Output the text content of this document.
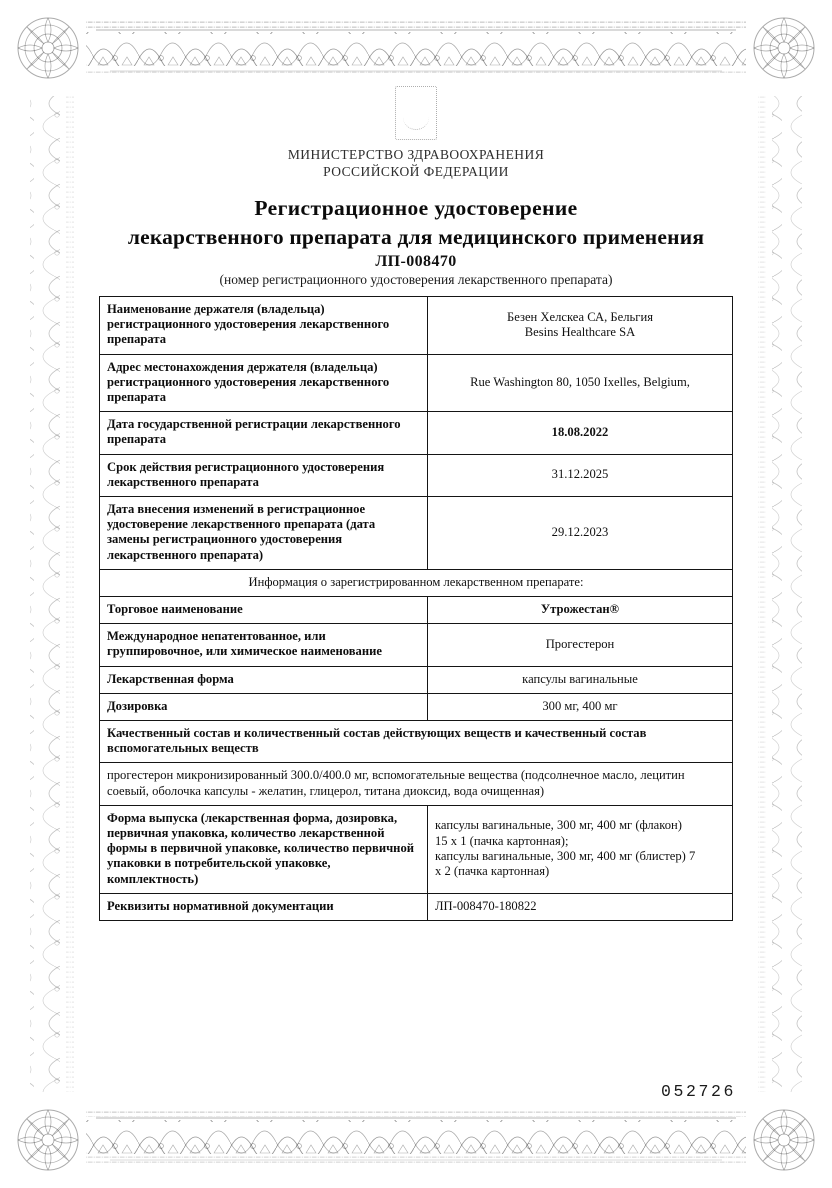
МИНИСТЕРСТВО ЗДРАВООХРАНЕНИЯ
РОССИЙСКОЙ ФЕДЕРАЦИИ
Регистрационное удостоверение
лекарственного препарата для медицинского применения
ЛП-008470
(номер регистрационного удостоверения лекарственного препарата)
Наименование держателя (владельца) регистрационного удостоверения лекарственного препарата	Безен Хелскеа СА, Бельгия
Besins Healthcare SA
Адрес местонахождения держателя (владельца) регистрационного удостоверения лекарственного препарата	Rue Washington 80, 1050 Ixelles, Belgium,
Дата государственной регистрации лекарственного препарата	18.08.2022
Срок действия регистрационного удостоверения лекарственного препарата	31.12.2025
Дата внесения изменений в регистрационное удостоверение лекарственного препарата (дата замены регистрационного удостоверения лекарственного препарата)	29.12.2023
Информация о зарегистрированном лекарственном препарате:	
Торговое наименование	Утрожестан®
Международное непатентованное, или группировочное, или химическое наименование	Прогестерон
Лекарственная форма	капсулы вагинальные
Дозировка	300 мг, 400 мг
Качественный состав и количественный состав действующих веществ и качественный состав вспомогательных веществ	
прогестерон микронизированный 300.0/400.0 мг, вспомогательные вещества (подсолнечное масло, лецитин соевый, оболочка капсулы - желатин, глицерол, титана диоксид, вода очищенная)	
Форма выпуска (лекарственная форма, дозировка, первичная упаковка, количество лекарственной формы в первичной упаковке, количество первичной упаковки в потребительской упаковке, комплектность)	капсулы вагинальные, 300 мг, 400 мг (флакон)
15 х 1 (пачка картонная);
капсулы вагинальные, 300 мг, 400 мг (блистер) 7
х 2 (пачка картонная)
Реквизиты нормативной документации	ЛП-008470-180822
052726
